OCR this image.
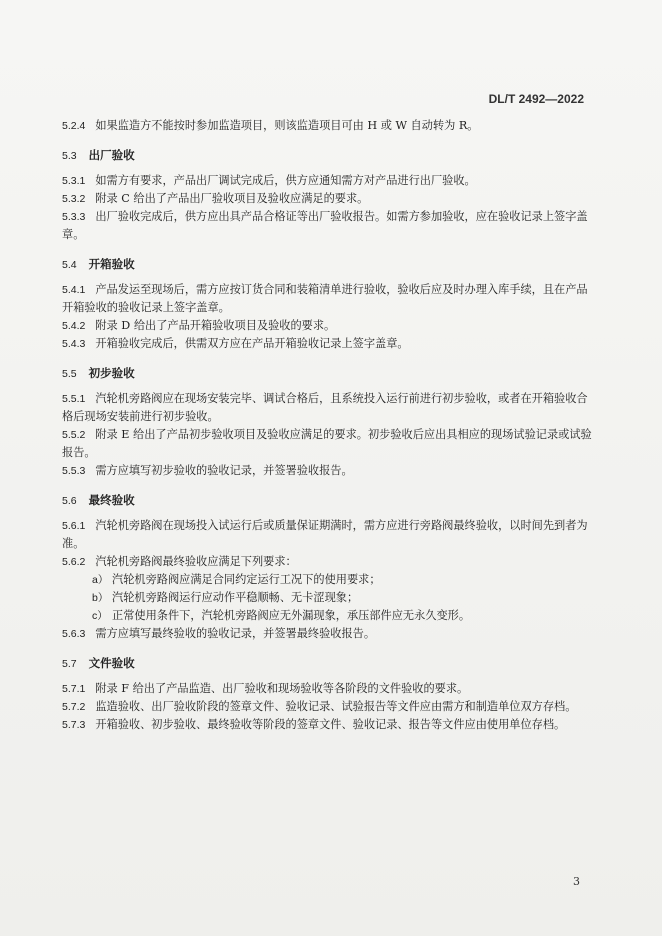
DL/T 2492—2022

5.2.4 如果监造方不能按时参加监造项目，则该监造项目可由 H 或 W 自动转为 R。

5.3 出厂验收

5.3.1 如需方有要求，产品出厂调试完成后，供方应通知需方对产品进行出厂验收。

5.3.2 附录 C 给出了产品出厂验收项目及验收应满足的要求。

5.3.3 出厂验收完成后，供方应出具产品合格证等出厂验收报告。如需方参加验收，应在验收记录上签字盖章。

5.4 开箱验收

5.4.1 产品发运至现场后，需方应按订货合同和装箱清单进行验收，验收后应及时办理入库手续，且在产品开箱验收的验收记录上签字盖章。

5.4.2 附录 D 给出了产品开箱验收项目及验收的要求。

5.4.3 开箱验收完成后，供需双方应在产品开箱验收记录上签字盖章。

5.5 初步验收

5.5.1 汽轮机旁路阀应在现场安装完毕、调试合格后，且系统投入运行前进行初步验收，或者在开箱验收合格后现场安装前进行初步验收。

5.5.2 附录 E 给出了产品初步验收项目及验收应满足的要求。初步验收后应出具相应的现场试验记录或试验报告。

5.5.3 需方应填写初步验收的验收记录，并签署验收报告。

5.6 最终验收

5.6.1 汽轮机旁路阀在现场投入试运行后或质量保证期满时，需方应进行旁路阀最终验收，以时间先到者为准。

5.6.2 汽轮机旁路阀最终验收应满足下列要求：

a） 汽轮机旁路阀应满足合同约定运行工况下的使用要求；

b） 汽轮机旁路阀运行应动作平稳顺畅、无卡涩现象；

c） 正常使用条件下，汽轮机旁路阀应无外漏现象，承压部件应无永久变形。

5.6.3 需方应填写最终验收的验收记录，并签署最终验收报告。

5.7 文件验收

5.7.1 附录 F 给出了产品监造、出厂验收和现场验收等各阶段的文件验收的要求。

5.7.2 监造验收、出厂验收阶段的签章文件、验收记录、试验报告等文件应由需方和制造单位双方存档。

5.7.3 开箱验收、初步验收、最终验收等阶段的签章文件、验收记录、报告等文件应由使用单位存档。

3
